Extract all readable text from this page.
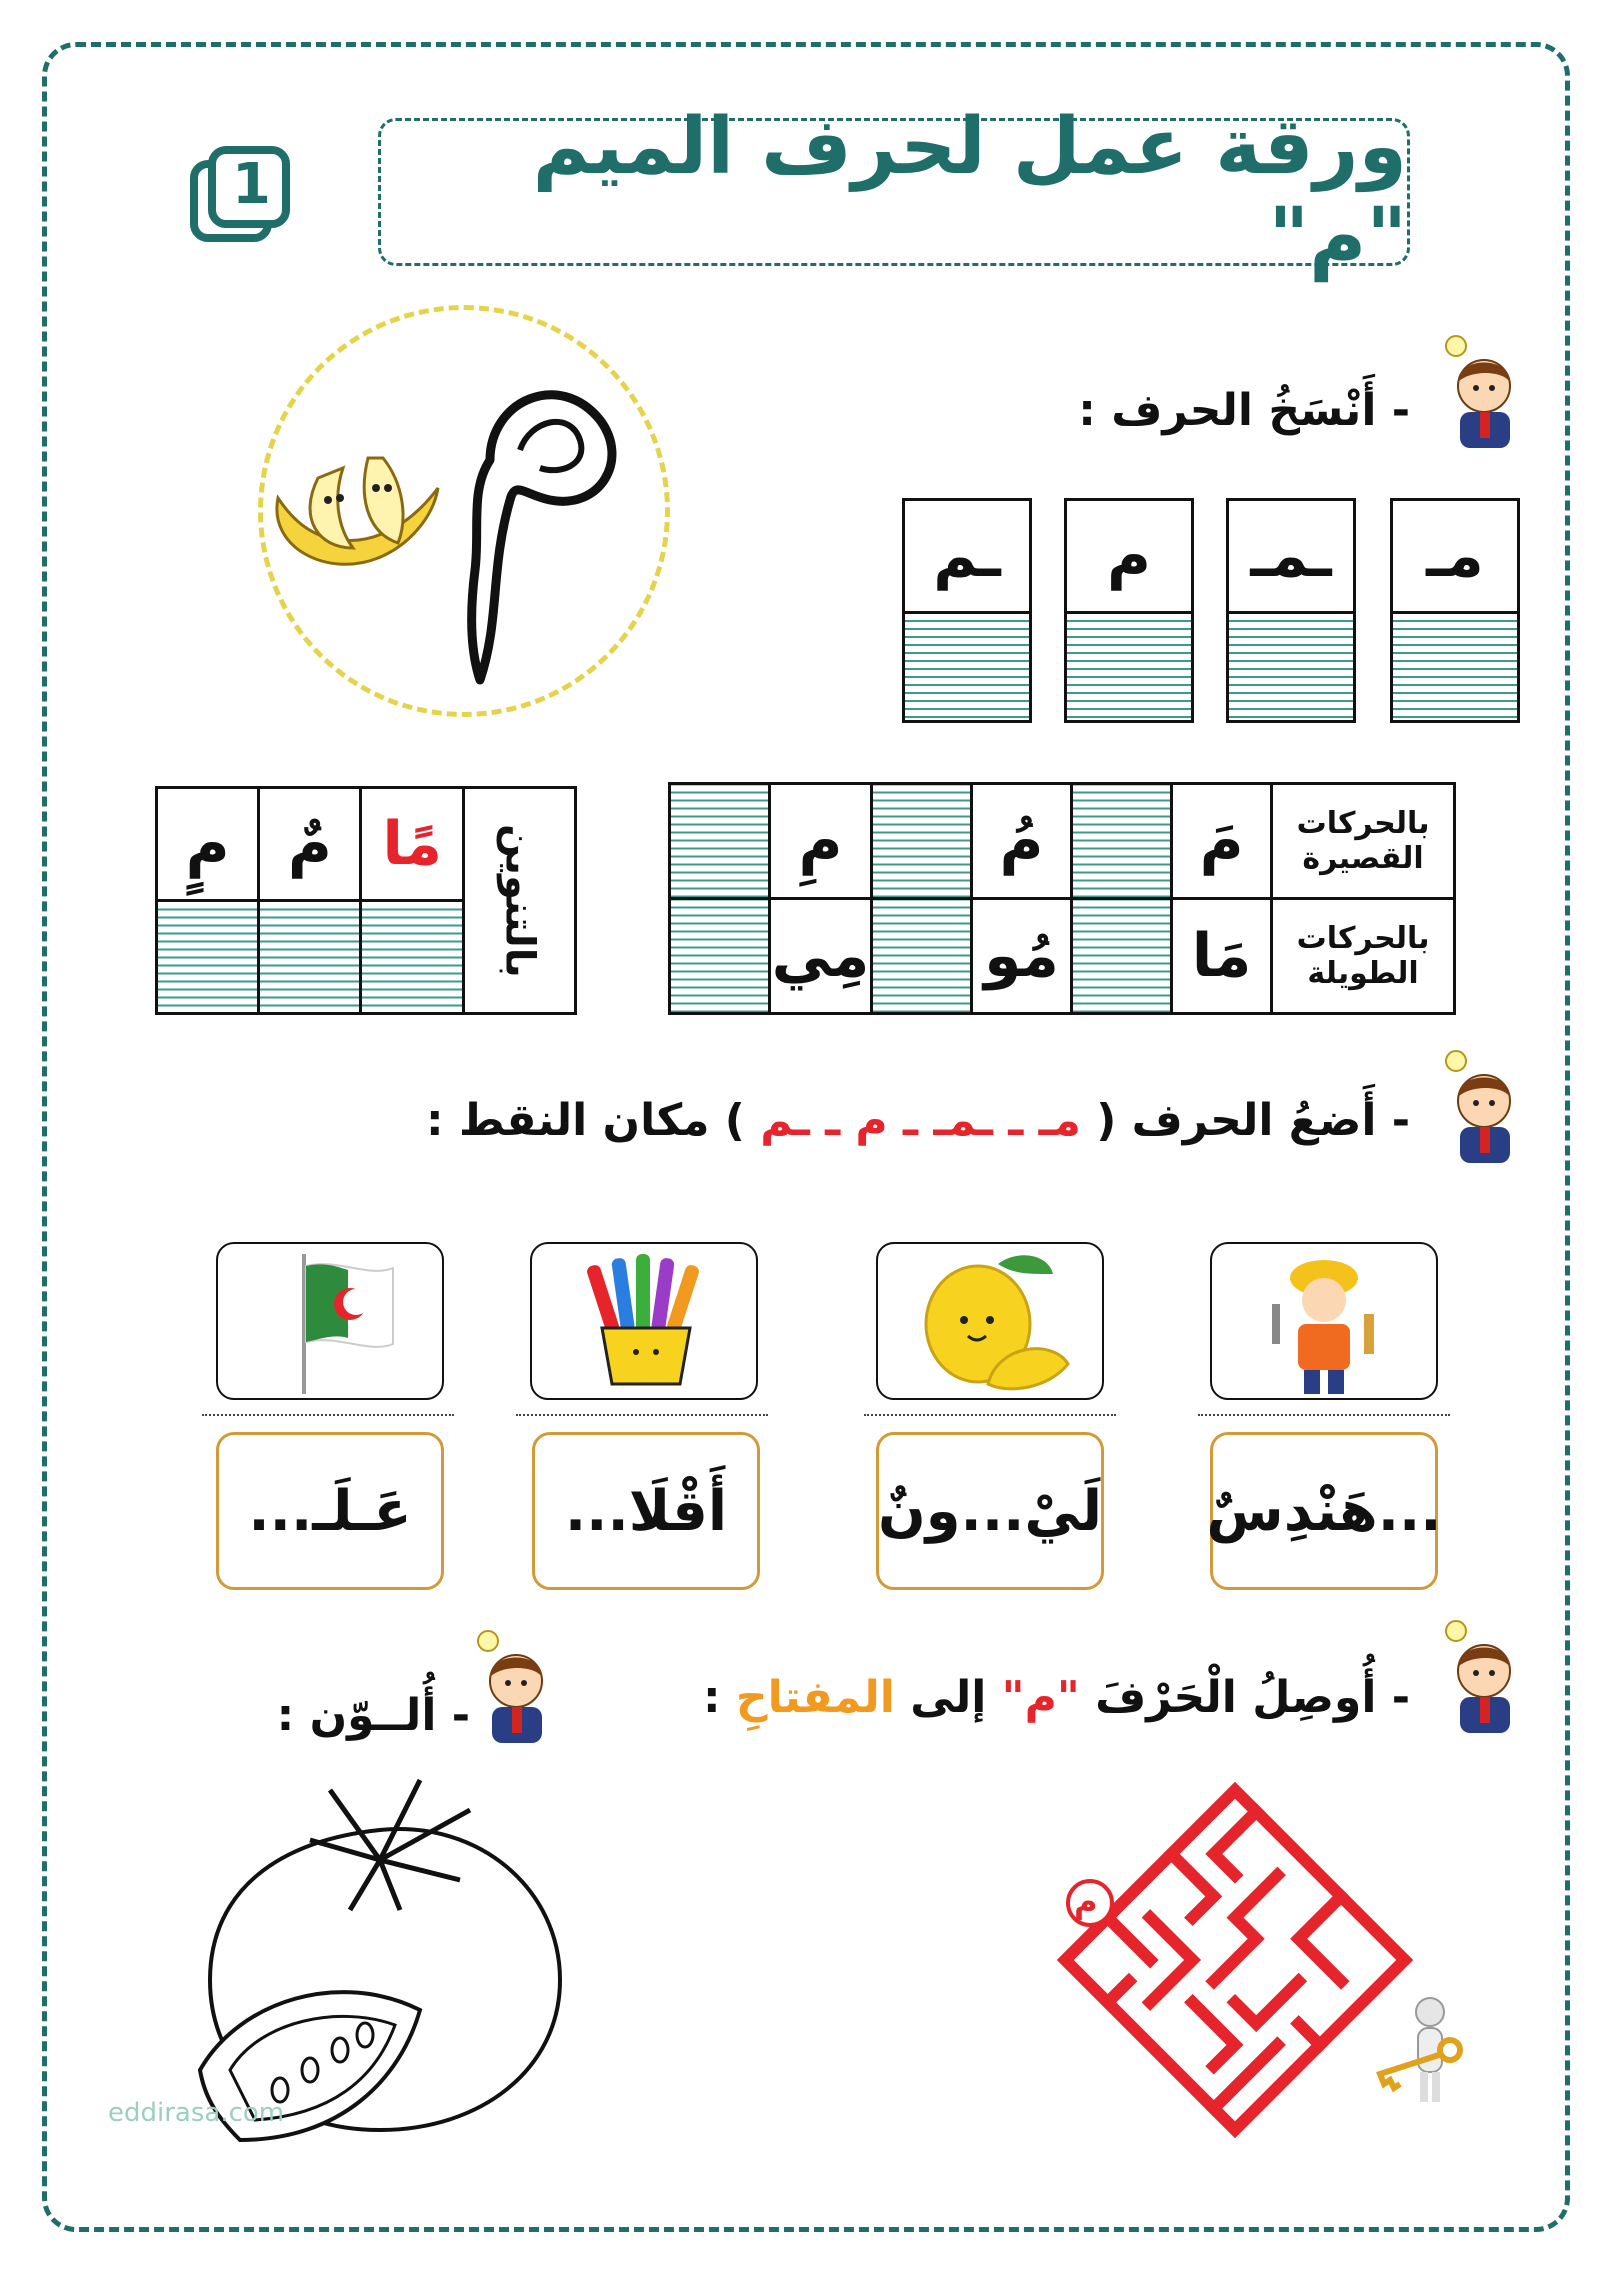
ورقة عمل لحرف الميم "م"
1
- أَنْسَخُ الحرف :
ـم	م	ـمـ	مـ
بالحركات القصيرة	مَ		مُ		مِ	
بالحركات الطويلة	مَا		مُو		مِي	
بالتنوين	مًا	مٌ	مٍ

- أَضعُ الحرف ( مـ ـ ـمـ ـ م ـ ـم ) مكان النقط :
...هَنْدِسٌ
لَيْ...ونٌ
أَقْلَا...
عَـلَـ...
- أُوصِلُ الْحَرْفَ "م" إلى المفتاحِ :
م
- أُلــوّن :
eddirasa.com
